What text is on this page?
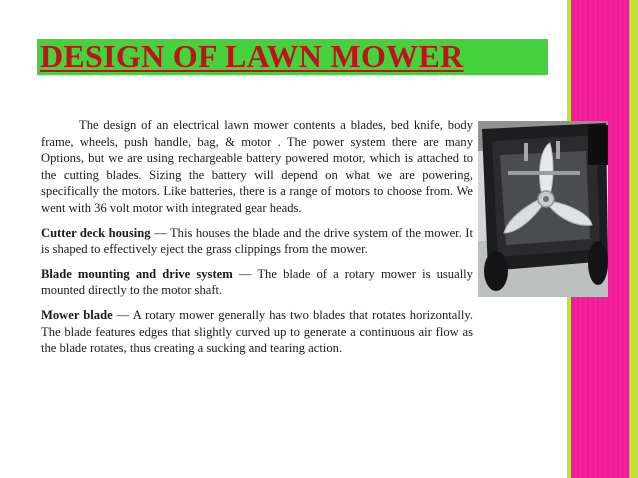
DESIGN OF LAWN MOWER

The design of an electrical lawn mower contents a blades, bed knife, body frame, wheels, push handle, bag, & motor . The power system there are many Options, but we are using rechargeable battery powered motor, which is attached to the cutting blades. Sizing the battery will depend on what we are powering, specifically the motors. Like batteries, there is a range of motors to choose from. We went with 36 volt motor with integrated gear heads.

Cutter deck housing — This houses the blade and the drive system of the mower. It is shaped to effectively eject the grass clippings from the mower.

Blade mounting and drive system — The blade of a rotary mower is usually mounted directly to the motor shaft.

Mower blade — A rotary mower generally has two blades that rotates horizontally. The blade features edges that slightly curved up to generate a continuous air flow as the blade rotates, thus creating a sucking and tearing action.
